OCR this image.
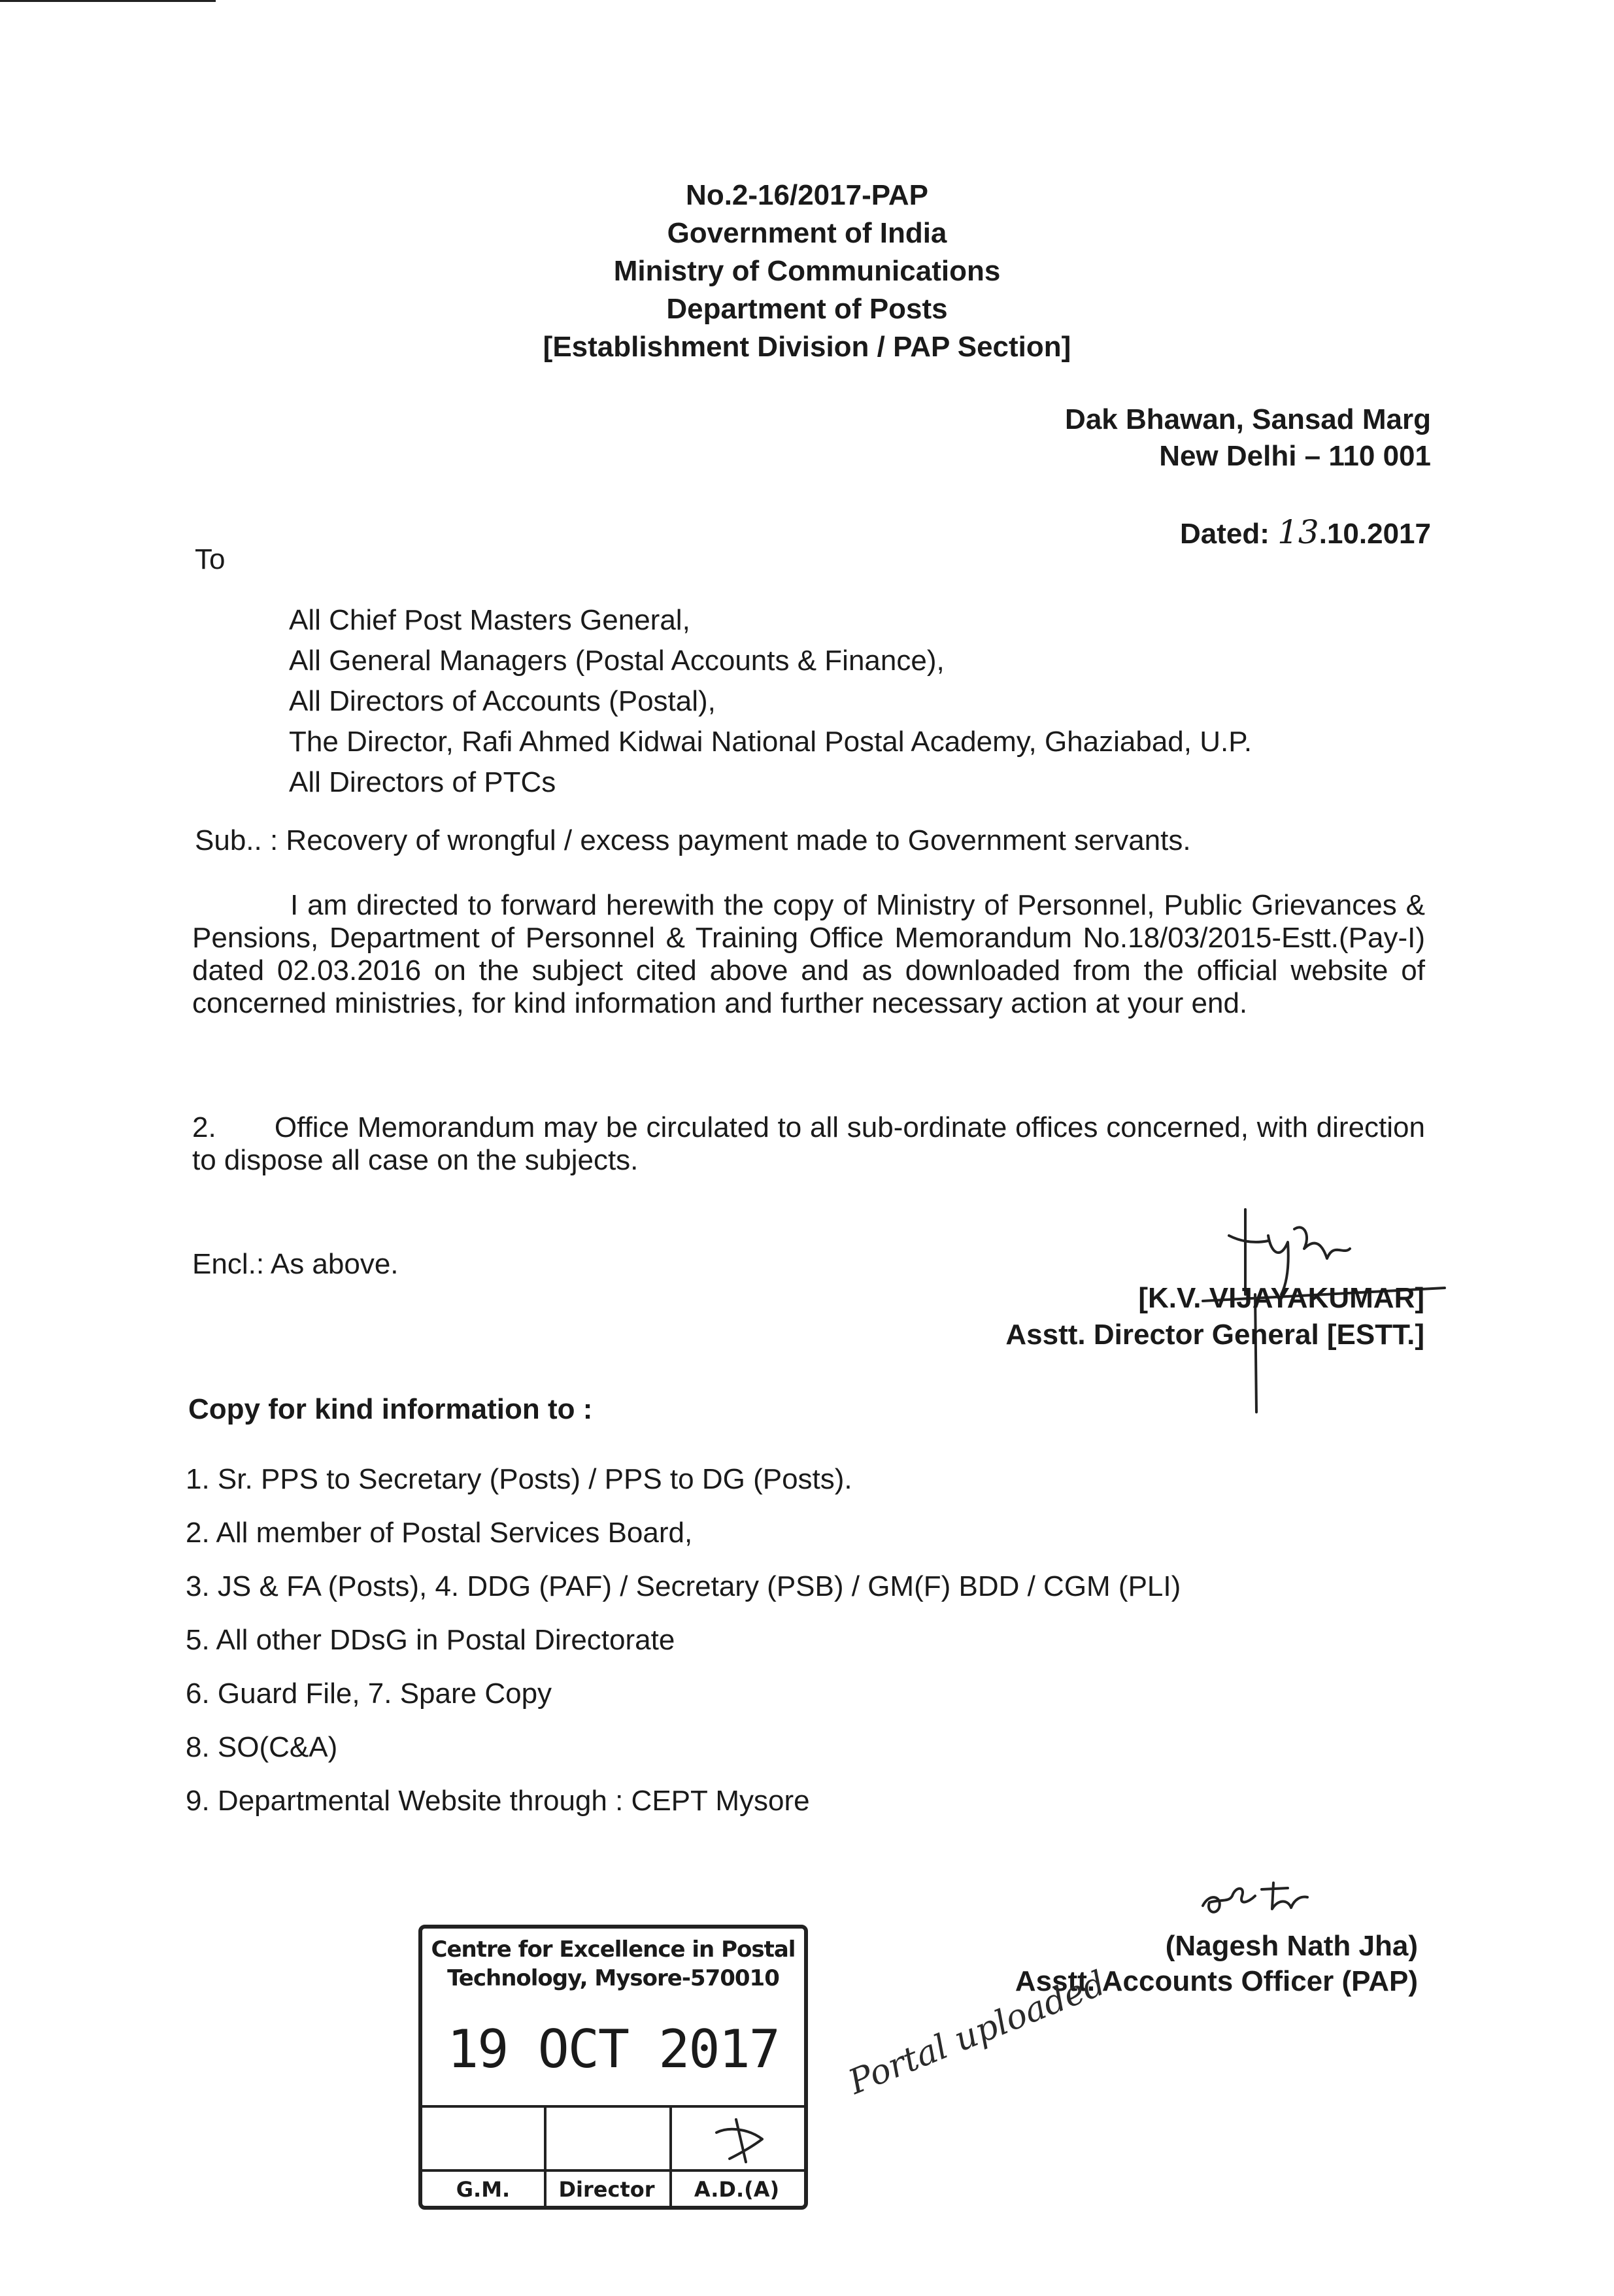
No.2-16/2017-PAP
Government of India
Ministry of Communications
Department of Posts
[Establishment Division / PAP Section]
Dak Bhawan, Sansad Marg
New Delhi – 110 001
Dated: 13.10.2017
To
All Chief Post Masters General,
All General Managers (Postal Accounts & Finance),
All Directors of Accounts (Postal),
The Director, Rafi Ahmed Kidwai National Postal Academy, Ghaziabad, U.P.
All Directors of PTCs
Sub.. : Recovery of wrongful / excess payment made to Government servants.
I am directed to forward herewith the copy of Ministry of Personnel, Public Grievances & Pensions, Department of Personnel & Training Office Memorandum No.18/03/2015-Estt.(Pay-I) dated 02.03.2016 on the subject cited above and as downloaded from the official website of concerned ministries, for kind information and further necessary action at your end.
2. Office Memorandum may be circulated to all sub-ordinate offices concerned, with direction to dispose all case on the subjects.
Encl.: As above.
[K.V. VIJAYAKUMAR]
Asstt. Director General [ESTT.]
Copy for kind information to :
1. Sr. PPS to Secretary (Posts) / PPS to DG (Posts).
2. All member of Postal Services Board,
3. JS & FA (Posts), 4. DDG (PAF) / Secretary (PSB) / GM(F) BDD / CGM (PLI)
5. All other DDsG in Postal Directorate
6. Guard File, 7. Spare Copy
8. SO(C&A)
9. Departmental Website through : CEPT Mysore
(Nagesh Nath Jha)
Asstt. Accounts Officer (PAP)
Centre for Excellence in Postal
Technology, Mysore-570010
19 OCT 2017
G.M.	Director	A.D.(A)
Portal uploaded
